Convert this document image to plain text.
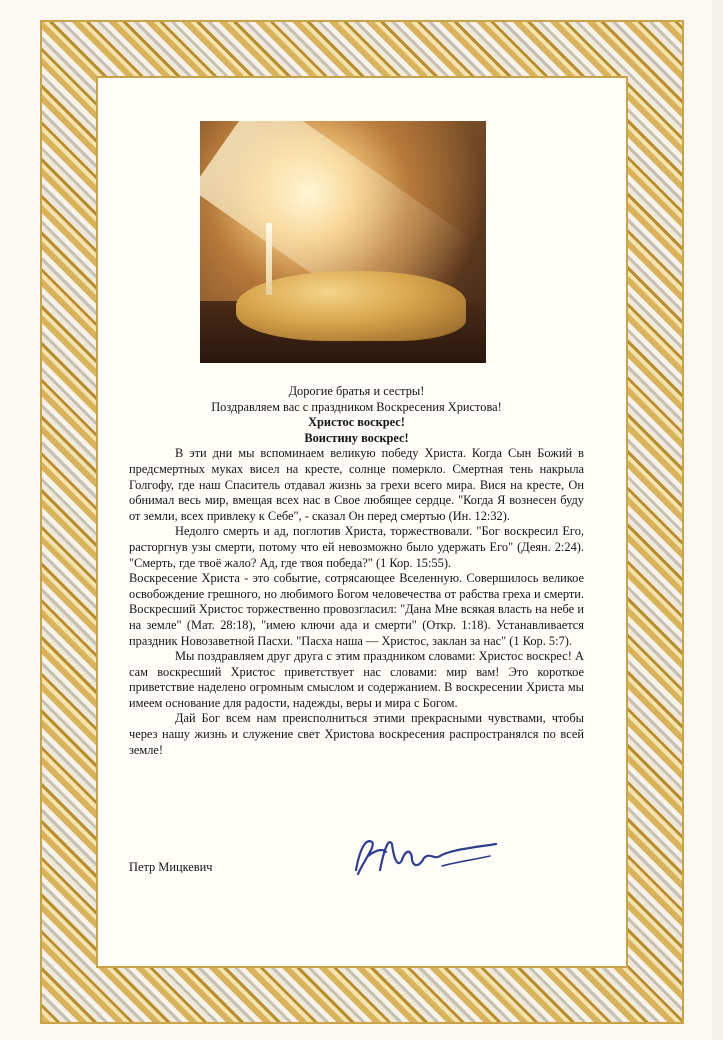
Дорогие братья и сестры!
Поздравляем вас с праздником Воскресения Христова!
Христос воскрес!
Воистину воскрес!

В эти дни мы вспоминаем великую победу Христа. Когда Сын Божий в предсмертных муках висел на кресте, солнце померкло. Смертная тень накрыла Голгофу, где наш Спаситель отдавал жизнь за грехи всего мира. Вися на кресте, Он обнимал весь мир, вмещая всех нас в Свое любящее сердце. "Когда Я вознесен буду от земли, всех привлеку к Себе", - сказал Он перед смертью (Ин. 12:32).

Недолго смерть и ад, поглотив Христа, торжествовали. "Бог воскресил Его, расторгнув узы смерти, потому что ей невозможно было удержать Его" (Деян. 2:24). "Смерть, где твоё жало? Ад, где твоя победа?" (1 Кор. 15:55).

Воскресение Христа - это событие, сотрясающее Вселенную. Совершилось великое освобождение грешного, но любимого Богом человечества от рабства греха и смерти. Воскресший Христос торжественно провозгласил: "Дана Мне всякая власть на небе и на земле" (Мат. 28:18), "имею ключи ада и смерти" (Откр. 1:18). Устанавливается праздник Новозаветной Пасхи. "Пасха наша — Христос, заклан за нас" (1 Кор. 5:7).

Мы поздравляем друг друга с этим праздником словами: Христос воскрес! А сам воскресший Христос приветствует нас словами: мир вам! Это короткое приветствие наделено огромным смыслом и содержанием. В воскресении Христа мы имеем основание для радости, надежды, веры и мира с Богом.

Дай Бог всем нам преисполниться этими прекрасными чувствами, чтобы через нашу жизнь и служение свет Христова воскресения распространялся по всей земле!

Петр Мицкевич
